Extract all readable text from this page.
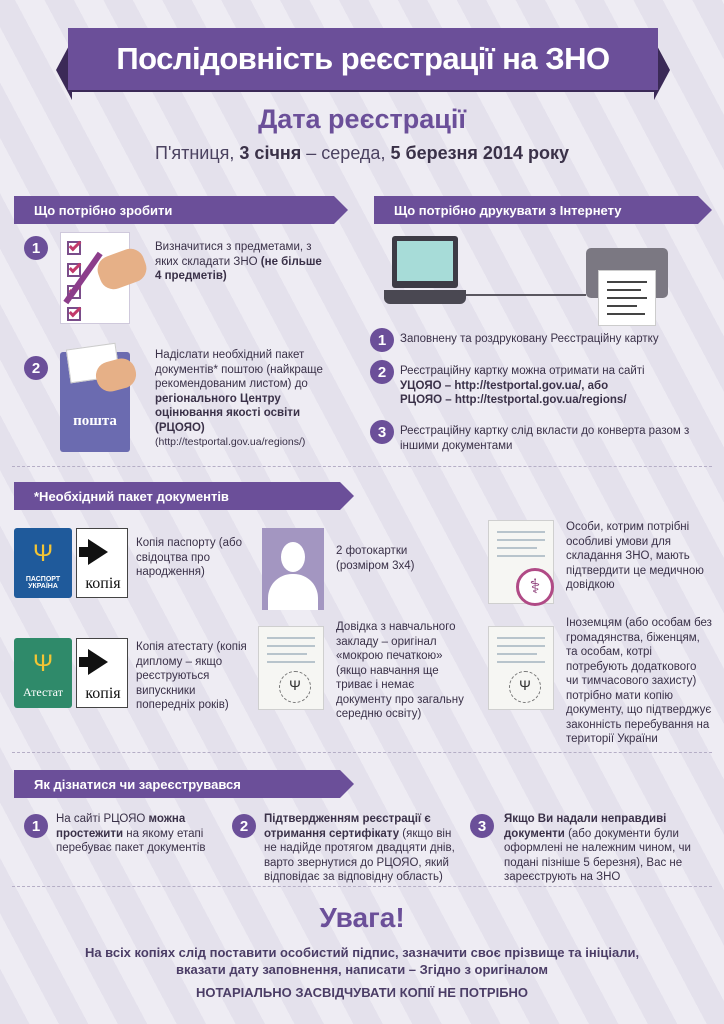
Послідовність реєстрації на ЗНО
Дата реєстрації
П'ятниця, 3 січня – середа, 5 березня 2014 року
Що потрібно зробити
1	Визначитися з предметами, з яких складати ЗНО (не більше 4 предметів)
2
пошта
Надіслати необхідний пакет документів* поштою (найкраще рекомендованим листом) до регіонального Центру оцінювання якості освіти (РЦОЯО)
(http://testportal.gov.ua/regions/)
Що потрібно друкувати з Інтернету
1	Заповнену та роздруковану Реєстраційну картку
2	Реєстраційну картку можна отримати на сайті
УЦОЯО – http://testportal.gov.ua/, або
РЦОЯО – http://testportal.gov.ua/regions/
3	Реєстраційну картку слід вкласти до конверта разом з іншими документами
*Необхідний пакет документів
Ψ
ПАСПОРТ УКРАЇНА	копія
Копія паспорту (або свідоцтва про народження)
Ψ
Атестат	копія
Копія атестату (копія диплому – якщо реєструються випускники попередніх років)
2 фотокартки (розміром 3х4)
Ψ
Довідка з навчального закладу – оригінал «мокрою печаткою» (якщо навчання ще триває і немає документу про загальну середню освіту)
⚕
Особи, котрим потрібні особливі умови для складання ЗНО, мають підтвердити це медичною довідкою
Ψ
Іноземцям (або особам без громадянства, біженцям, та особам, котрі потребують додаткового чи тимчасового захисту) потрібно мати копію документу, що підтверджує законність перебування на території України
Як дізнатися чи зареєструвався
1	На сайті РЦОЯО можна простежити на якому етапі перебуває пакет документів
2	Підтвердженням реєстрації є отримання сертифікату (якщо він не надійде протягом двадцяти днів, варто звернутися до РЦОЯО, який відповідає за відповідну область)
3	Якщо Ви надали неправдиві документи (або документи були оформлені не належним чином, чи подані пізніше 5 березня), Вас не зареєструють на ЗНО
Увага!
На всіх копіях слід поставити особистий підпис, зазначити своє прізвище та ініціали,
вказати дату заповнення, написати – Згідно з оригіналом
НОТАРІАЛЬНО ЗАСВІДЧУВАТИ КОПІЇ НЕ ПОТРІБНО
